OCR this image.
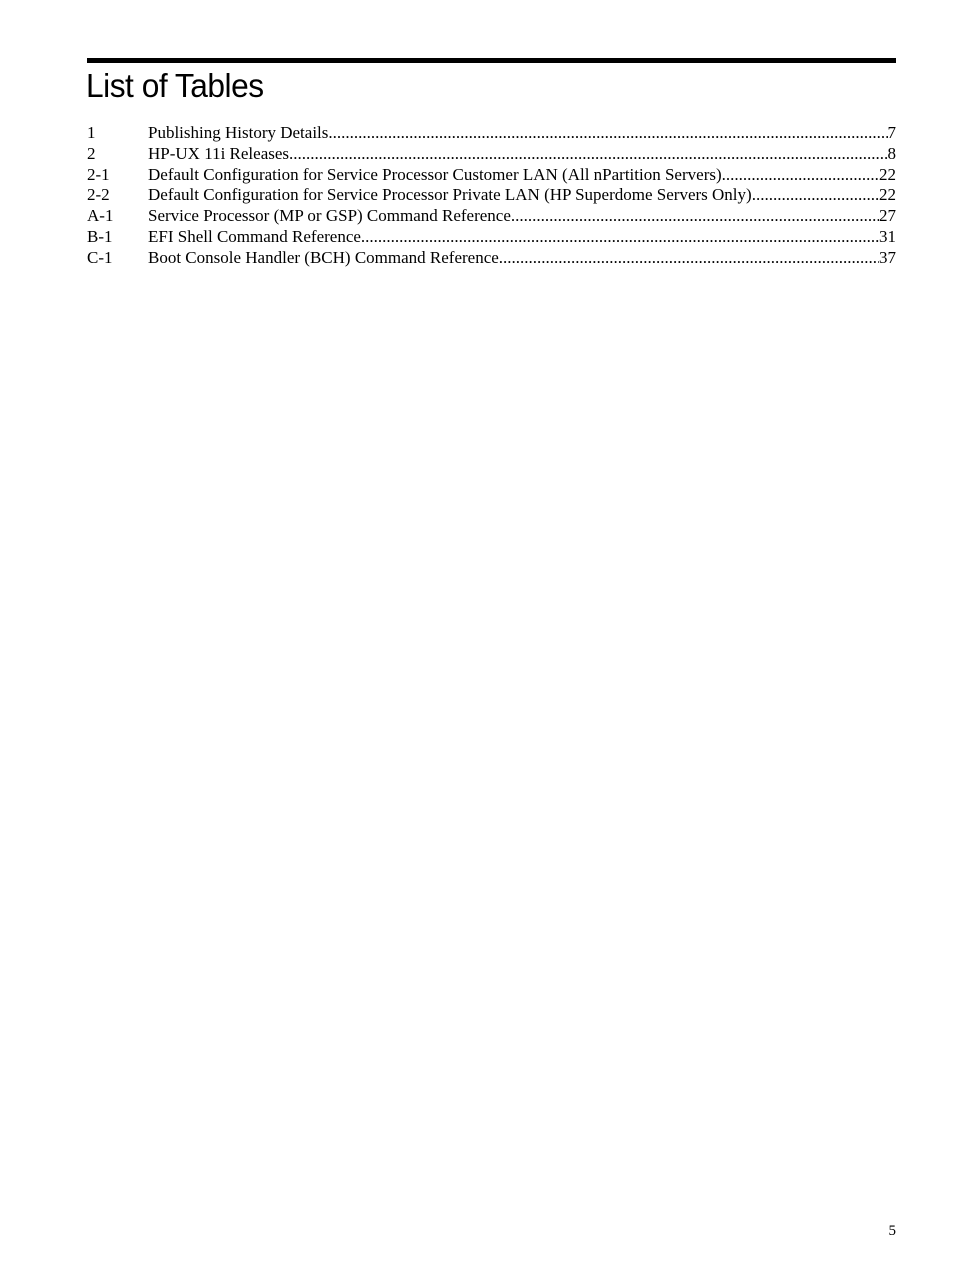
List of Tables
1	Publishing History Details .....	7
2	HP-UX 11i Releases .....	8
2-1	Default Configuration for Service Processor Customer LAN (All nPartition Servers) .....	22
2-2	Default Configuration for Service Processor Private LAN (HP Superdome Servers Only) .....	22
A-1	Service Processor (MP or GSP) Command Reference .....	27
B-1	EFI Shell Command Reference .....	31
C-1	Boot Console Handler (BCH) Command Reference .....	37
5
